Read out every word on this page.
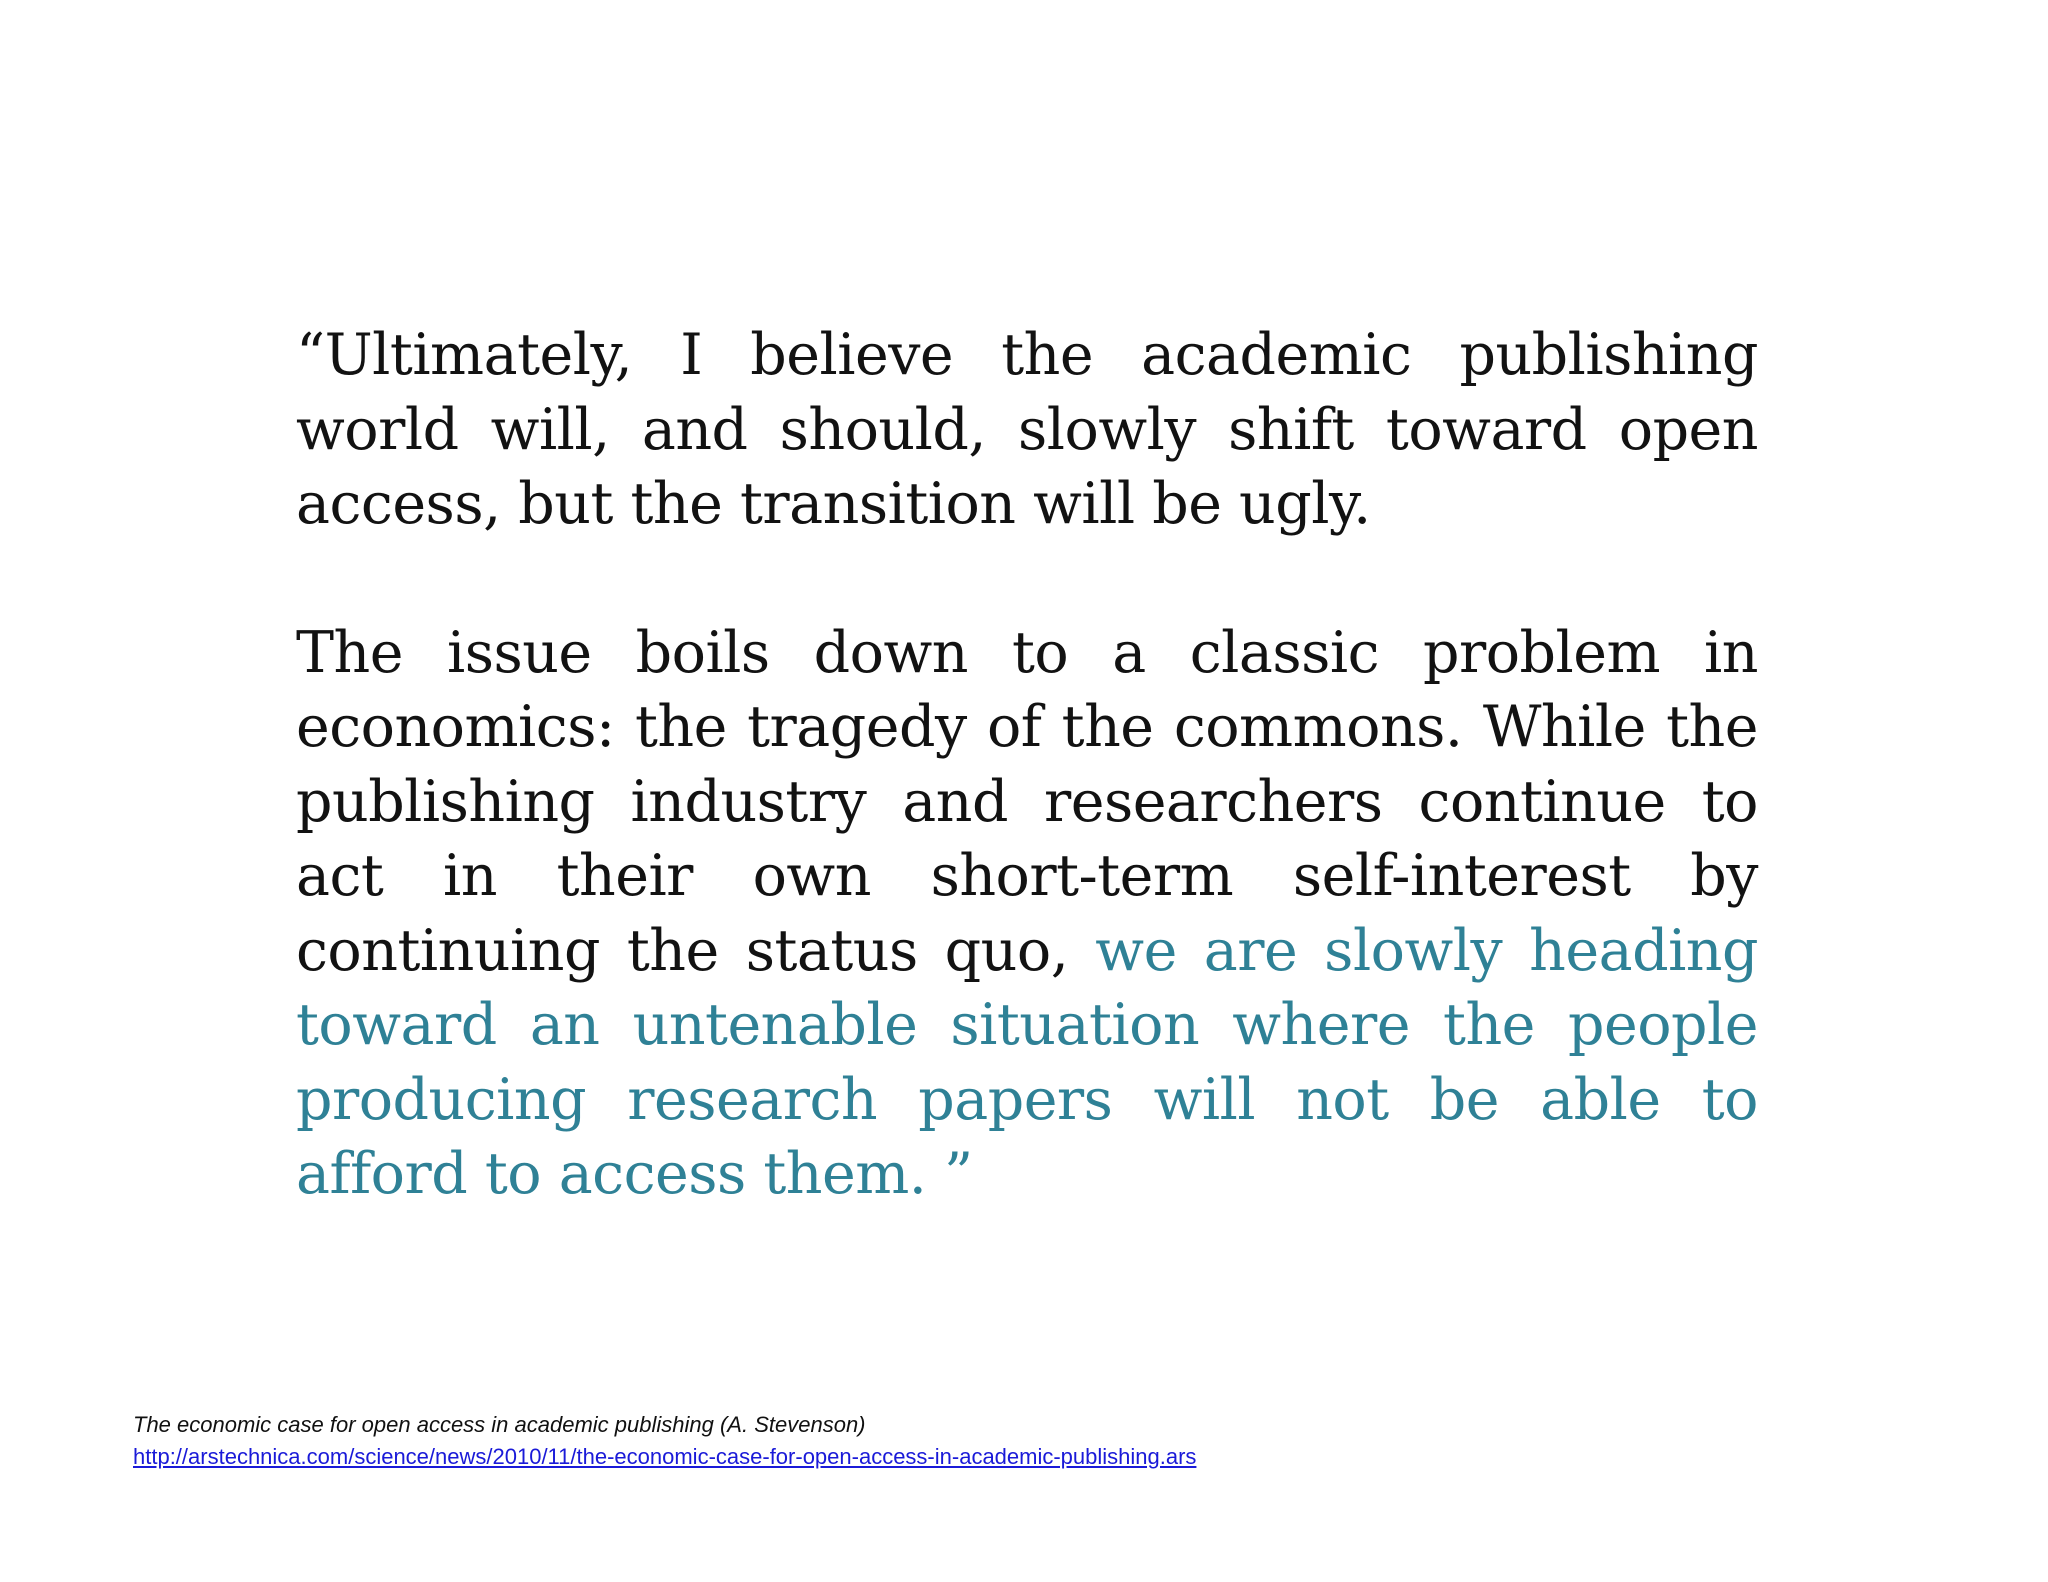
“Ultimately, I believe the academic publishing world will, and should, slowly shift toward open access, but the transition will be ugly.

The issue boils down to a classic problem in economics: the tragedy of the commons. While the publishing industry and researchers continue to act in their own short-term self-interest by continuing the status quo, we are slowly heading toward an untenable situation where the people producing research papers will not be able to afford to access them. ”

The economic case for open access in academic publishing (A. Stevenson)
http://arstechnica.com/science/news/2010/11/the-economic-case-for-open-access-in-academic-publishing.ars
